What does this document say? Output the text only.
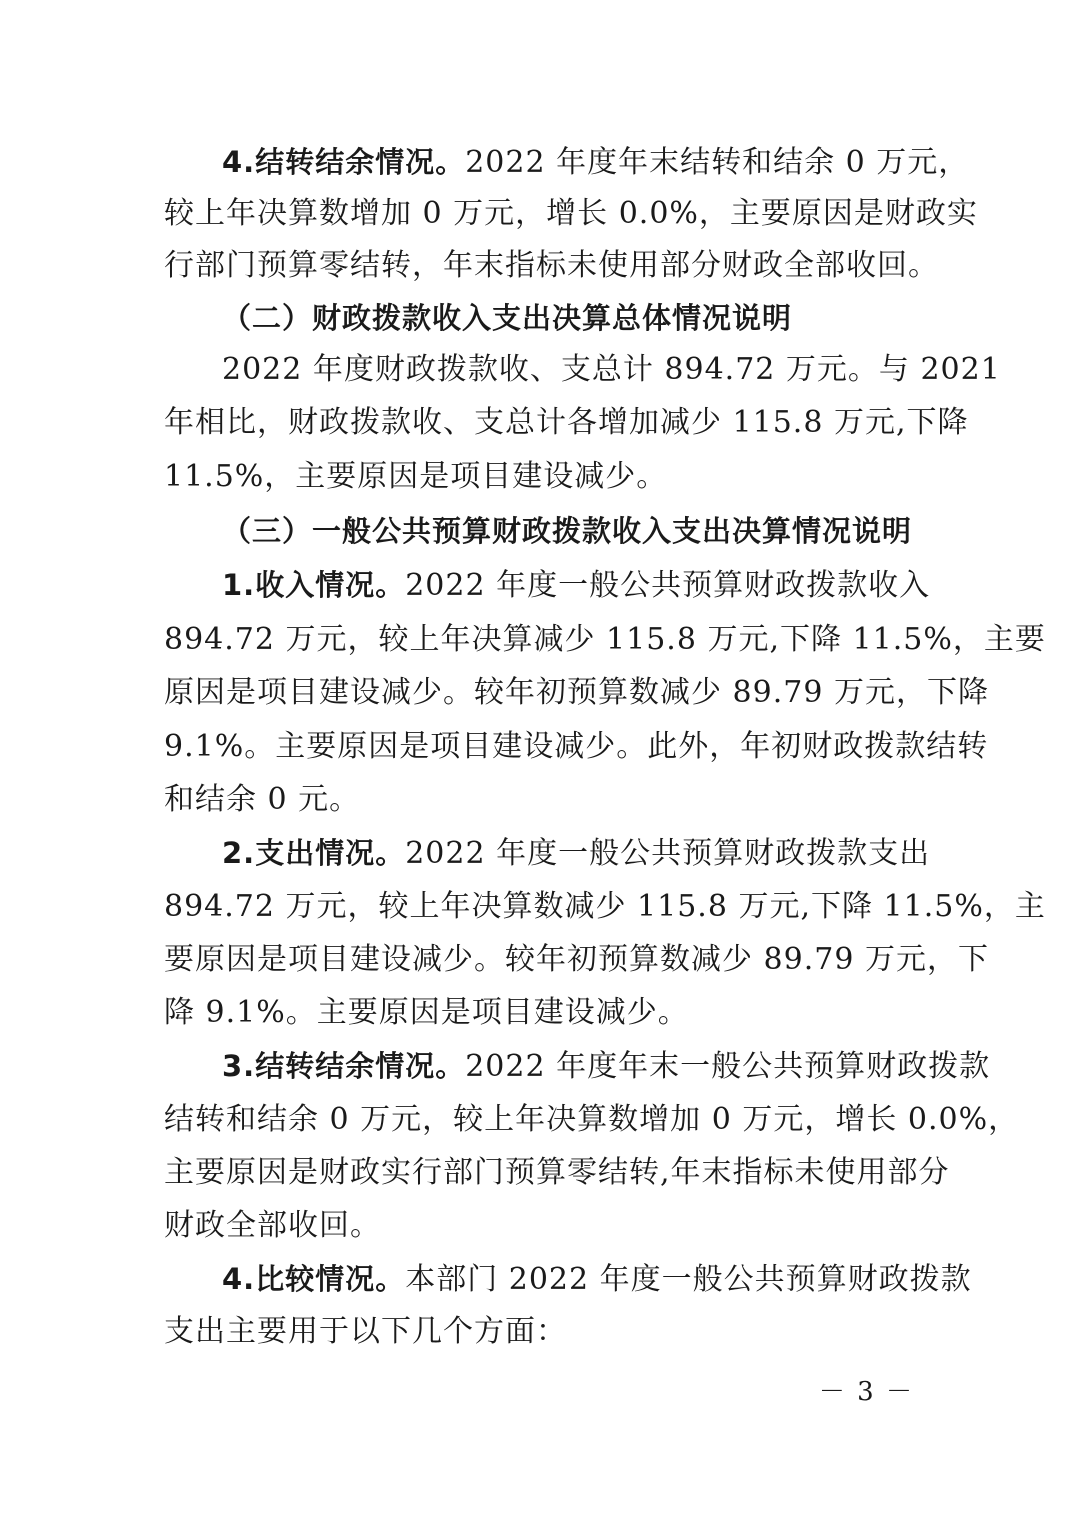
4.结转结余情况。2022 年度年末结转和结余 0 万元，
较上年决算数增加 0 万元，增长 0.0%，主要原因是财政实
行部门预算零结转，年末指标未使用部分财政全部收回。
（二）财政拨款收入支出决算总体情况说明
2022 年度财政拨款收、支总计 894.72 万元。与 2021
年相比，财政拨款收、支总计各增加减少 115.8 万元,下降
11.5%，主要原因是项目建设减少。
（三）一般公共预算财政拨款收入支出决算情况说明
1.收入情况。2022 年度一般公共预算财政拨款收入
894.72 万元，较上年决算减少 115.8 万元,下降 11.5%，主要
原因是项目建设减少。较年初预算数减少 89.79 万元，下降
9.1%。主要原因是项目建设减少。此外，年初财政拨款结转
和结余 0 元。
2.支出情况。2022 年度一般公共预算财政拨款支出
894.72 万元，较上年决算数减少 115.8 万元,下降 11.5%，主
要原因是项目建设减少。较年初预算数减少 89.79 万元，下
降 9.1%。主要原因是项目建设减少。
3.结转结余情况。2022 年度年末一般公共预算财政拨款
结转和结余 0 万元，较上年决算数增加 0 万元，增长 0.0%，
主要原因是财政实行部门预算零结转,年末指标未使用部分
财政全部收回。
4.比较情况。本部门 2022 年度一般公共预算财政拨款
支出主要用于以下几个方面：
－ 3 －
